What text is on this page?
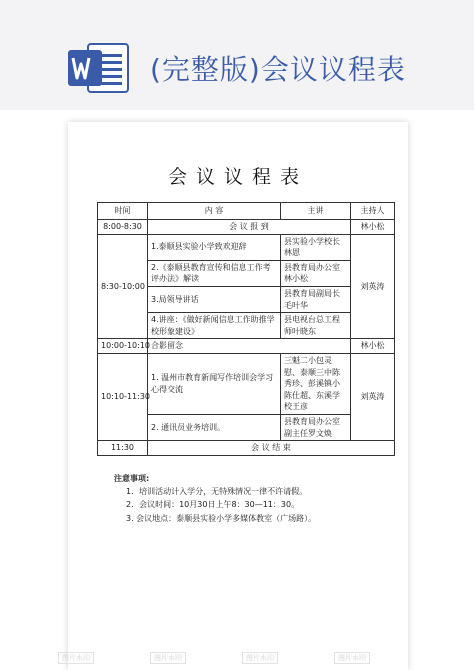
(完整版)会议议程表
会议议程表
时间	内 容	主讲	主持人
8:00-8:30	会 议 报 到		林小松
8:30-10:00	1.泰顺县实验小学致欢迎辞	县实验小学校长林恩	刘英涛
	2.《泰顺县教育宣传和信息工作考评办法》解读	县教育局办公室林小松	
	3.局领导讲话	县教育局副局长毛叶华	
	4.讲座：《做好新闻信息工作助推学校形象建设》	县电视台总工程师叶晓东	
10:00-10:10	合影留念		林小松
10:10-11:30	1. 温州市教育新闻写作培训会学习心得交流	三魁二小包灵慰、泰顺三中陈秀珍、彭溪镇小陈仕超、东溪学校王彦	刘英涛
	2. 通讯员业务培训。	县教育局办公室副主任罗文焕	
11:30	会 议 结 束		
注意事项:
1．培训活动计入学分，无特殊情况一律不许请假。
2．会议时间：10月30日上午8：30—11：30。
3. 会议地点：泰顺县实验小学多媒体教室（广场路）。
图片水印	图片水印	图片水印	图片水印
